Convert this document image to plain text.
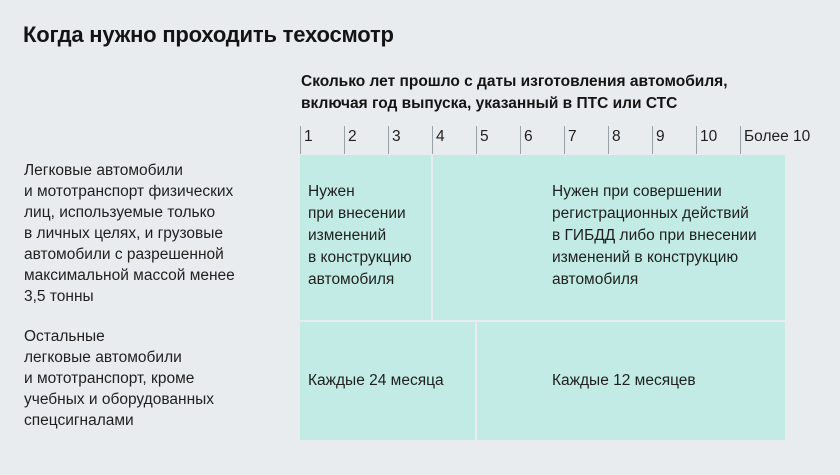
Когда нужно проходить техосмотр
Сколько лет прошло с даты изготовления автомобиля,
включая год выпуска, указанный в ПТС или СТС
1 2 3 4 5 6 7 8 9 10 Более 10
Легковые автомобили
и мототранспорт физических
лиц, используемые только
в личных целях, и грузовые
автомобили с разрешенной
максимальной массой менее
3,5 тонны
Нужен
при внесении
изменений
в конструкцию
автомобиля
Нужен при совершении
регистрационных действий
в ГИБДД либо при внесении
изменений в конструкцию
автомобиля
Остальные
легковые автомобили
и мототранспорт, кроме
учебных и оборудованных
спецсигналами
Каждые 24 месяца	Каждые 12 месяцев
